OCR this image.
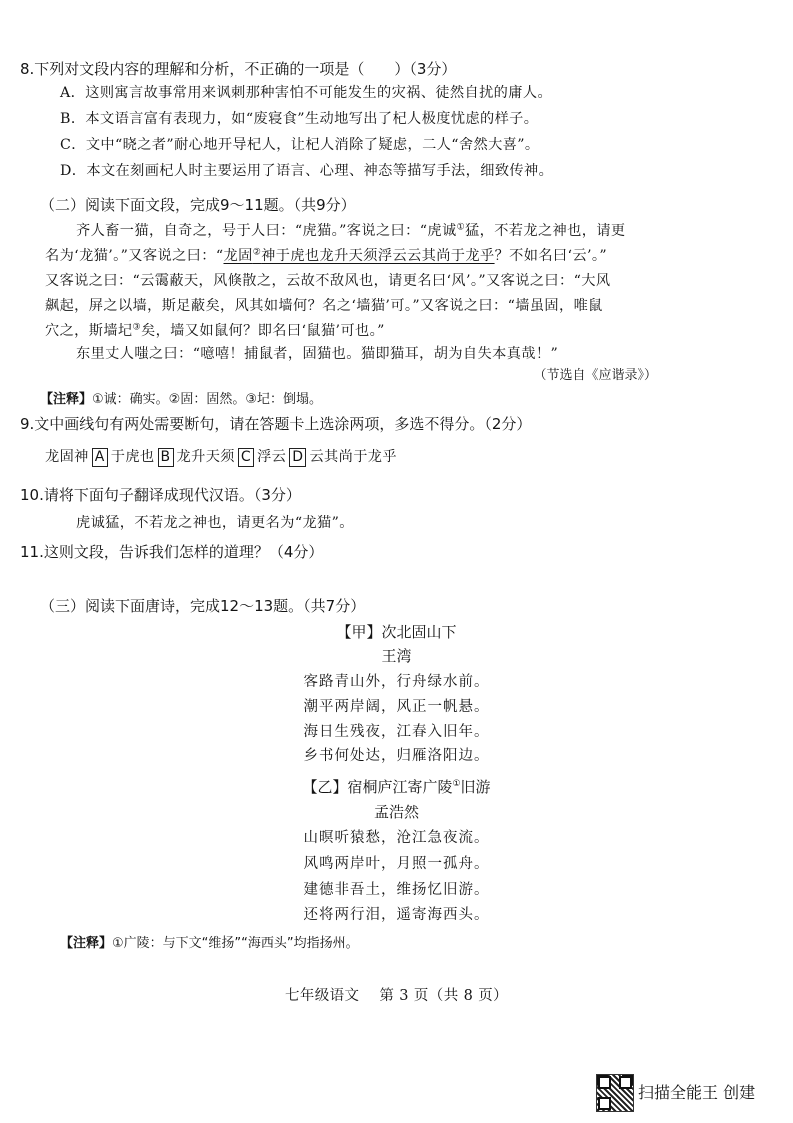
8.下列对文段内容的理解和分析，不正确的一项是（　　）（3分）
A．这则寓言故事常用来讽刺那种害怕不可能发生的灾祸、徒然自扰的庸人。
B．本文语言富有表现力，如“废寝食”生动地写出了杞人极度忧虑的样子。
C．文中“晓之者”耐心地开导杞人，让杞人消除了疑虑，二人“舍然大喜”。
D．本文在刻画杞人时主要运用了语言、心理、神态等描写手法，细致传神。
（二）阅读下面文段，完成9～11题。（共9分）
齐人畜一猫，自奇之，号于人曰：“虎猫。”客说之曰：“虎诚①猛，不若龙之神也，请更
名为‘龙猫’。”又客说之曰：“龙固②神于虎也龙升天须浮云云其尚于龙乎？不如名曰‘云’。”
又客说之曰：“云霭蔽天，风倏散之，云故不敌风也，请更名曰‘风’。”又客说之曰：“大风
飙起，屏之以墙，斯足蔽矣，风其如墙何？名之‘墙猫’可。”又客说之曰：“墙虽固，唯鼠
穴之，斯墙圮③矣，墙又如鼠何？即名曰‘鼠猫’可也。”
东里丈人嗤之曰：“噫嘻！捕鼠者，固猫也。猫即猫耳，胡为自失本真哉！”
（节选自《应谐录》）
【注释】①诚：确实。②固：固然。③圮：倒塌。
9.文中画线句有两处需要断句，请在答题卡上选涂两项，多选不得分。（2分）
龙固神 A 于虎也 B 龙升天须 C 浮云 D 云其尚于龙乎
10.请将下面句子翻译成现代汉语。（3分）
虎诚猛，不若龙之神也，请更名为“龙猫”。
11.这则文段，告诉我们怎样的道理？（4分）
（三）阅读下面唐诗，完成12～13题。（共7分）
【甲】次北固山下
王湾
客路青山外，行舟绿水前。
潮平两岸阔，风正一帆悬。
海日生残夜，江春入旧年。
乡书何处达，归雁洛阳边。
【乙】宿桐庐江寄广陵①旧游
孟浩然
山暝听猿愁，沧江急夜流。
风鸣两岸叶，月照一孤舟。
建德非吾土，维扬忆旧游。
还将两行泪，遥寄海西头。
【注释】①广陵：与下文“维扬”“海西头”均指扬州。
七年级语文　 第 3 页（共 8 页）
扫描全能王 创建
